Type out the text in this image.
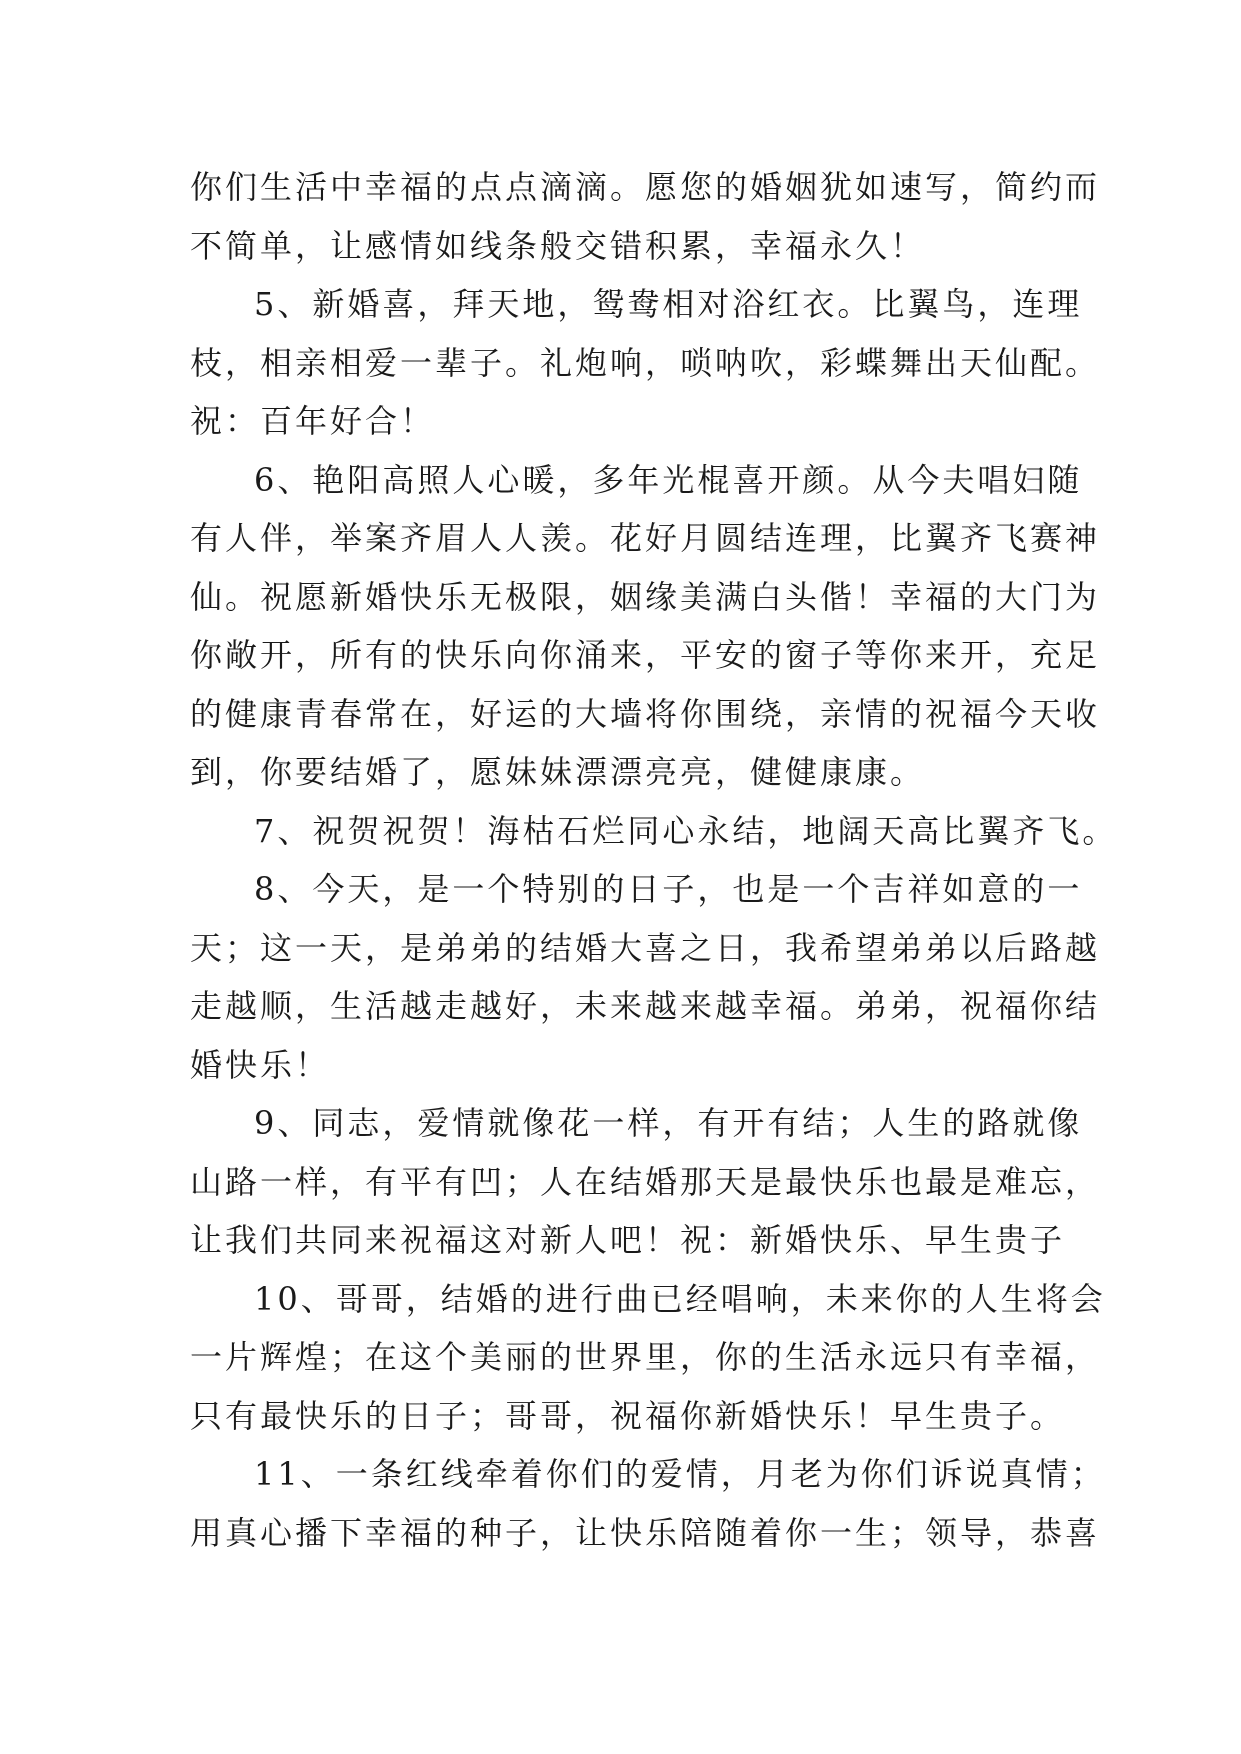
你们生活中幸福的点点滴滴。愿您的婚姻犹如速写，简约而
不简单，让感情如线条般交错积累，幸福永久！
5、新婚喜，拜天地，鸳鸯相对浴红衣。比翼鸟，连理
枝，相亲相爱一辈子。礼炮响，唢呐吹，彩蝶舞出天仙配。
祝：百年好合！
6、艳阳高照人心暖，多年光棍喜开颜。从今夫唱妇随
有人伴，举案齐眉人人羡。花好月圆结连理，比翼齐飞赛神
仙。祝愿新婚快乐无极限，姻缘美满白头偕！幸福的大门为
你敞开，所有的快乐向你涌来，平安的窗子等你来开，充足
的健康青春常在，好运的大墙将你围绕，亲情的祝福今天收
到，你要结婚了，愿妹妹漂漂亮亮，健健康康。
7、祝贺祝贺！海枯石烂同心永结，地阔天高比翼齐飞。
8、今天，是一个特别的日子，也是一个吉祥如意的一
天；这一天，是弟弟的结婚大喜之日，我希望弟弟以后路越
走越顺，生活越走越好，未来越来越幸福。弟弟，祝福你结
婚快乐！
9、同志，爱情就像花一样，有开有结；人生的路就像
山路一样，有平有凹；人在结婚那天是最快乐也最是难忘，
让我们共同来祝福这对新人吧！祝：新婚快乐、早生贵子
10、哥哥，结婚的进行曲已经唱响，未来你的人生将会
一片辉煌；在这个美丽的世界里，你的生活永远只有幸福，
只有最快乐的日子；哥哥，祝福你新婚快乐！早生贵子。
11、一条红线牵着你们的爱情，月老为你们诉说真情；
用真心播下幸福的种子，让快乐陪随着你一生；领导，恭喜
